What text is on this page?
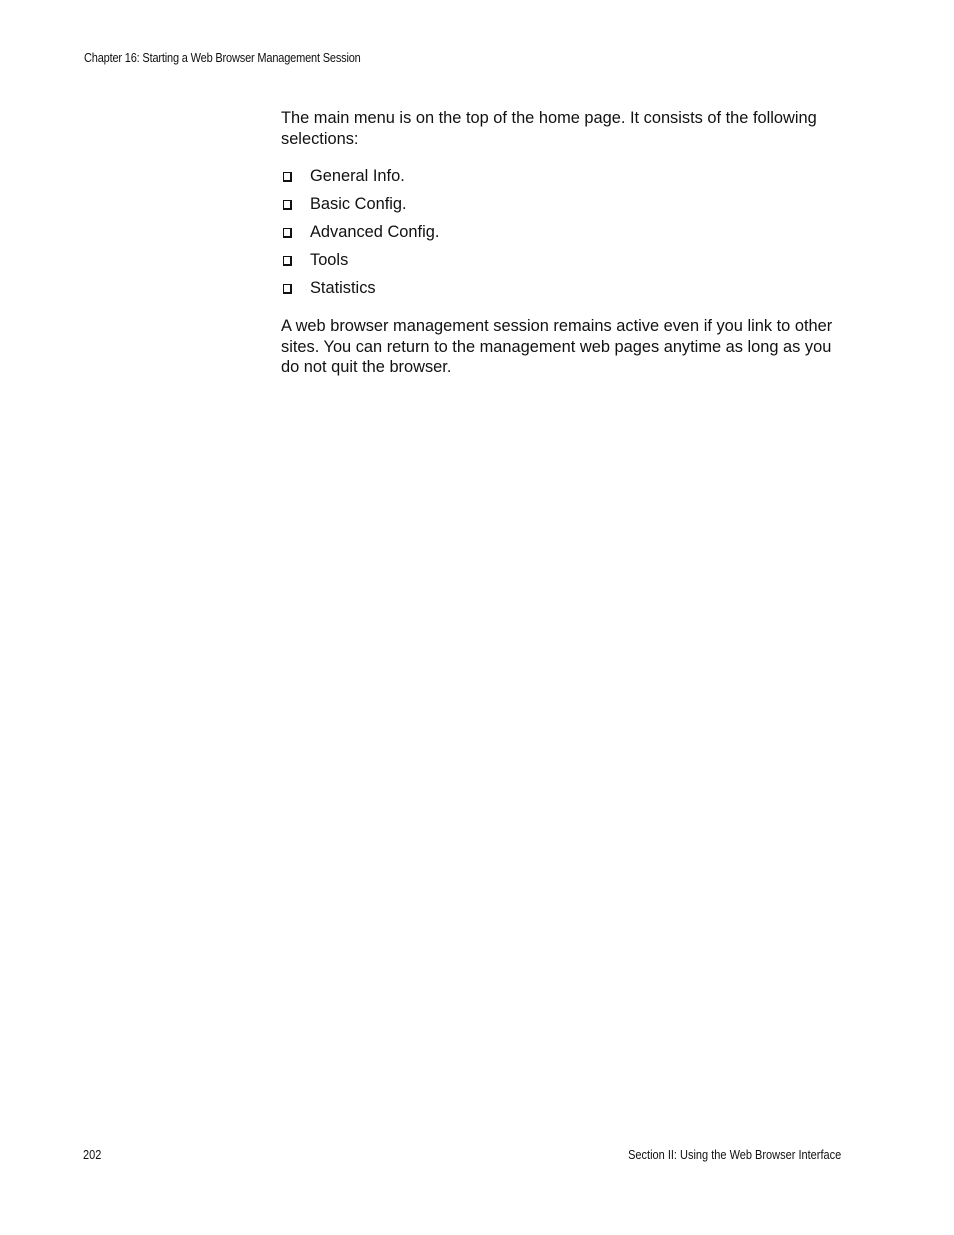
Chapter 16: Starting a Web Browser Management Session

The main menu is on the top of the home page. It consists of the following selections:

General Info.
Basic Config.
Advanced Config.
Tools
Statistics

A web browser management session remains active even if you link to other sites. You can return to the management web pages anytime as long as you do not quit the browser.

202	Section II: Using the Web Browser Interface
